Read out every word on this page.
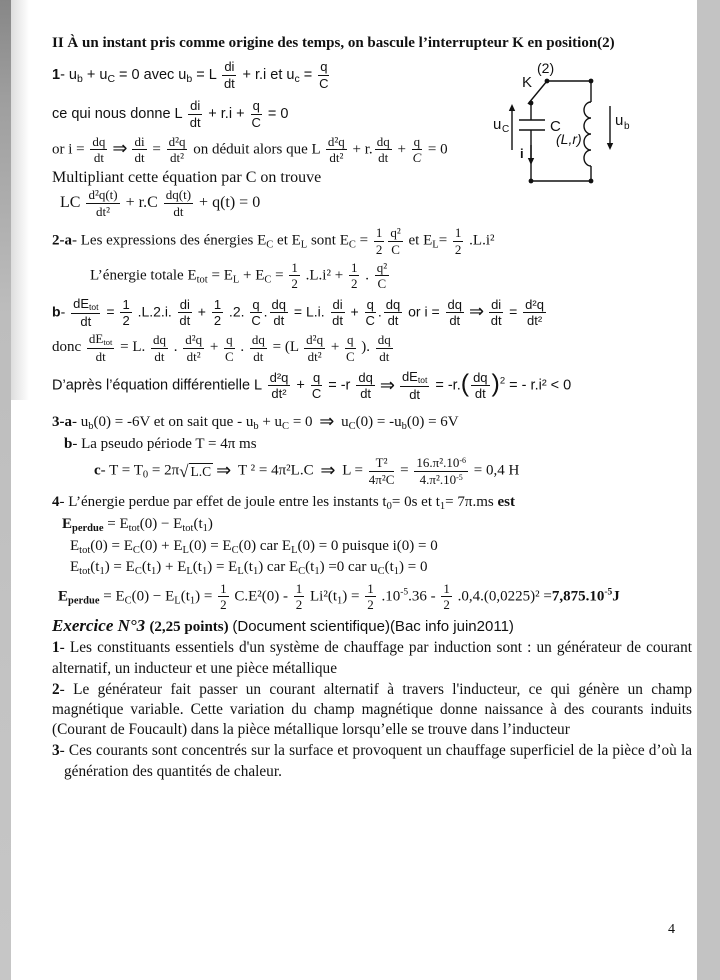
II À un instant pris comme origine des temps, on bascule l’interrupteur K en position(2)
1- $u_b + u_C = 0$ avec $u_b = L \frac{di}{dt} + r.i$ et $u_c = \frac{q}{C}$
ce qui nous donne L $\frac{di}{dt} + r.i + \frac{q}{C} = 0$
or $i = \frac{dq}{dt}$ ⇒ $\frac{di}{dt} = \frac{\text{d²q}}{\text{dt²}}$ on déduit alors que L $\frac{\text{d²q}}{\text{dt²}} + r$. $\frac{dq}{dt} + \frac{q}{C} = 0$
Multipliant cette équation par C on trouve
LC $\frac{\text{d²q(t)}}{\text{dt²}} + r.C \frac{dq(t)}{dt} + q(t) = 0$
2-a- Les expressions des énergies $E_C$ et $E_L$ sont $E_C = \frac{1}{2} \frac{\text{q²}}{C}$ et $E_L= \frac{1}{2} .L.i^2$
L’énergie totale $E_{tot} = E_L + E_C = \frac{1}{2} .L.i^2 + \frac{1}{2}$ . $\frac{\text{q²}}{C}$
$b- \frac{dE_{tot}}{dt} = \frac{1}{2} .L.2.i$. $\frac{di}{dt} + \frac{1}{2} .2$. $\frac{q}{C}$ . $\frac{dq}{dt} = L.i$. $\frac{di}{dt} + \frac{q}{C}$ . $\frac{dq}{dt}$ or $i = \frac{dq}{dt}$ ⇒ $\frac{di}{dt} = \frac{\text{d²q}}{\text{dt²}}$
donc $\frac{dE_{tot}}{dt} = L$. $\frac{dq}{dt}$ . $\frac{\text{d²q}}{\text{dt²}} + \frac{q}{C}$ . $\frac{dq}{dt} = (L \frac{\text{d²q}}{\text{dt²}} + \frac{q}{C}$ ). $\frac{dq}{dt}$
D’après l’équation différentielle L $\frac{\text{d²q}}{\text{dt²}} + \frac{q}{C} = -r \frac{dq}{dt}$ ⇒ $\frac{dE_{tot}}{dt} = -r.( \frac{dq}{dt} )^2$ = - r.i² < 0
3-a- $u_b(0) = -6V$ et on sait que - $u_b + u_C = 0$ ⇒ $u_C(0) = -u_b(0) = 6V$
b- La pseudo période T = 4π ms
c- $T = T_0 = 2\pi$ √ L.C ⇒ T ² = 4π²L.C ⇒ $L = \frac{\text{T²}}{\text{4π²C}} = \frac{16.\pi^2.10^{-6}}{4.\pi^2.10^{-5}} = 0,4$ H
4- L’énergie perdue par effet de joule entre les instants $t_0= 0s$ et $t_1= 7\pi.ms$ est
$E_{perdue} = E_{tot}(0) - E_{tot}(t_1)$
$E_{tot}(0) = E_C(0) + E_L(0) = E_C(0)$ car $E_L(0) = 0$ puisque i(0) = 0
$E_{tot}(t_1) = E_C(t_1) + E_L(t_1) = E_L(t_1)$ car $E_C(t_1) =0$ car $u_C(t_1) = 0$
$E_{perdue} = E_C(0) - E_L(t_1) = \frac{1}{2} C.E^2(0) - \frac{1}{2} Li^2(t_1) = \frac{1}{2} .10^{-5}.36 - \frac{1}{2} .0,4.(0,0225)^2 =7,875.10^{-5}J$
Exercice N°3 (2,25 points) (Document scientifique)(Bac info juin2011)
1- Les constituants essentiels d'un système de chauffage par induction sont : un générateur de courant alternatif, un inducteur et une pièce métallique
2- Le générateur fait passer un courant alternatif à travers l'inducteur, ce qui génère un champ magnétique variable. Cette variation du champ magnétique donne naissance à des courants induits (Courant de Foucault) dans la pièce métallique lorsqu’elle se trouve dans l’inducteur
3- Ces courants sont concentrés sur la surface et provoquent un chauffage superficiel de la pièce d’où la génération des quantités de chaleur.
K
(2)
u C	C
(L,r)
u b
i
4
